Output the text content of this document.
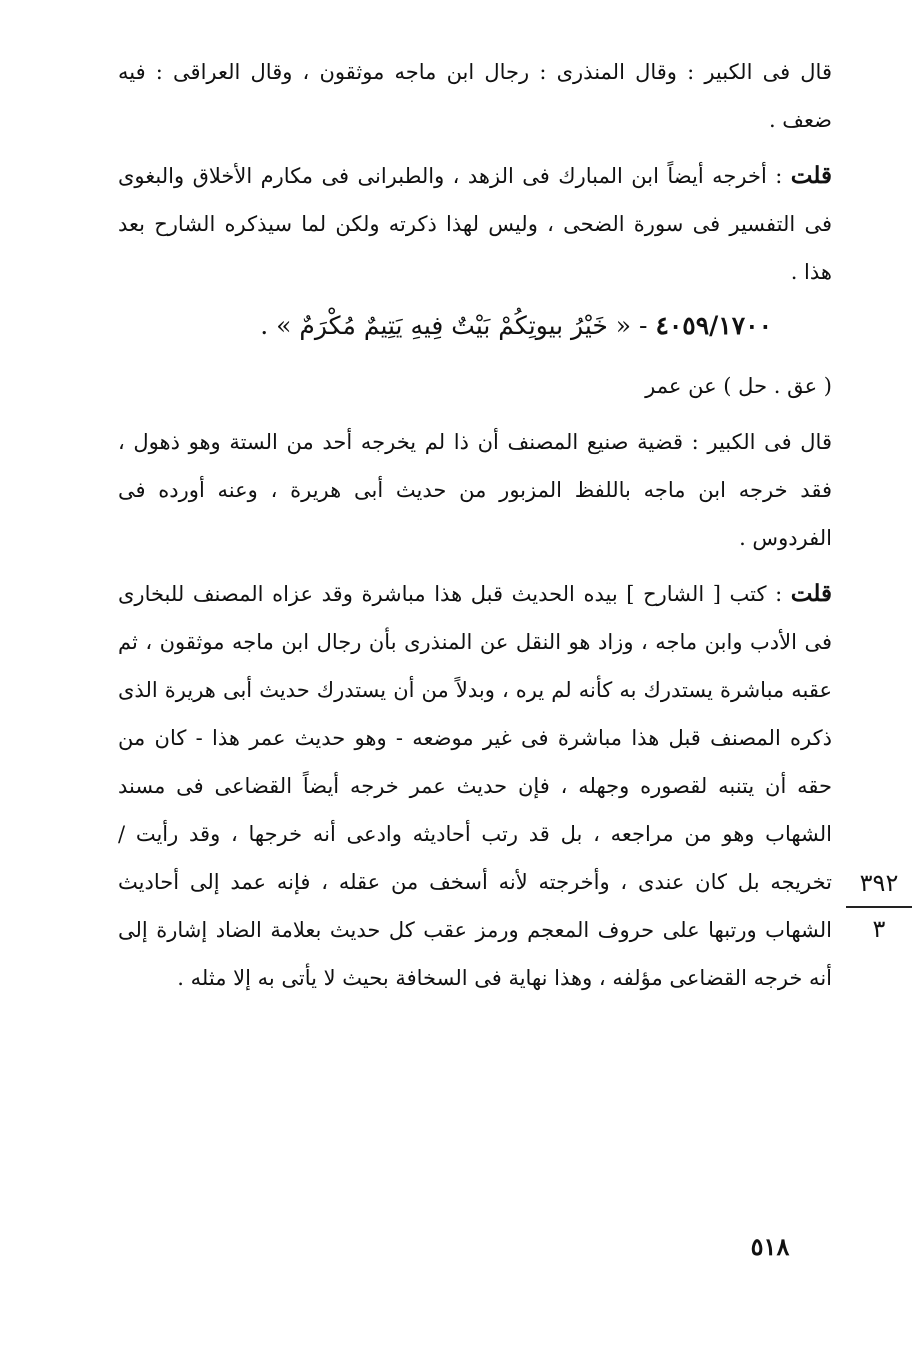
قال فى الكبير : وقال المنذرى : رجال ابن ماجه موثقون ، وقال العراقى : فيه ضعف .

قلت : أخرجه أيضاً ابن المبارك فى الزهد ، والطبرانى فى مكارم الأخلاق والبغوى فى التفسير فى سورة الضحى ، وليس لهذا ذكرته ولكن لما سيذكره الشارح بعد هذا .

٤٠٥٩/١٧٠٠ - « خَيْرُ بيوتِكُمْ بَيْتٌ فِيهِ يَتِيمٌ مُكْرَمٌ » .

( عق . حل ) عن عمر

قال فى الكبير : قضية صنيع المصنف أن ذا لم يخرجه أحد من الستة وهو ذهول ، فقد خرجه ابن ماجه باللفظ المزبور من حديث أبى هريرة ، وعنه أورده فى الفردوس .

قلت : كتب [ الشارح ] بيده الحديث قبل هذا مباشرة وقد عزاه المصنف للبخارى فى الأدب وابن ماجه ، وزاد هو النقل عن المنذرى بأن رجال ابن ماجه موثقون ، ثم عقبه مباشرة يستدرك به كأنه لم يره ، وبدلاً من أن يستدرك حديث أبى هريرة الذى ذكره المصنف قبل هذا مباشرة فى غير موضعه - وهو حديث عمر هذا - كان من حقه أن يتنبه لقصوره وجهله ، فإن حديث عمر خرجه أيضاً القضاعى فى مسند الشهاب وهو من مراجعه ، بل قد رتب أحاديثه وادعى أنه خرجها ، وقد رأيت / تخريجه بل كان عندى ، وأخرجته لأنه أسخف من عقله ، فإنه عمد إلى أحاديث الشهاب ورتبها على حروف المعجم ورمز عقب كل حديث بعلامة الضاد إشارة إلى أنه خرجه القضاعى مؤلفه ، وهذا نهاية فى السخافة بحيث لا يأتى به إلا مثله .

٣٩٢
٣
٥١٨
